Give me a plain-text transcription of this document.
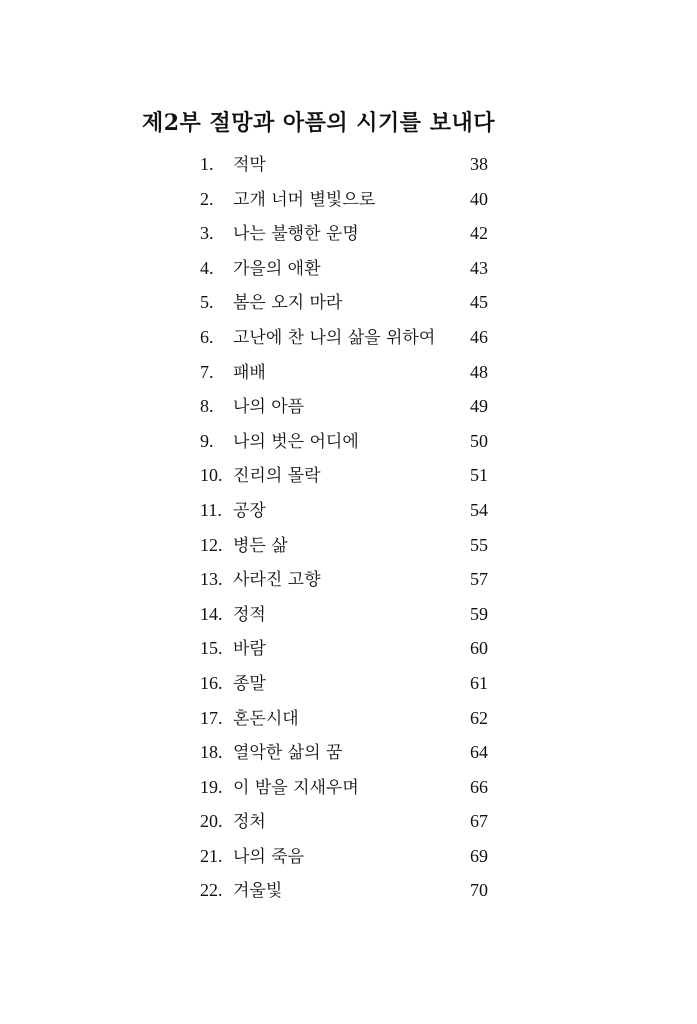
제2부 절망과 아픔의 시기를 보내다
1. 적막	38
2. 고개 너머 별빛으로	40
3. 나는 불행한 운명	42
4. 가을의 애환	43
5. 봄은 오지 마라	45
6. 고난에 찬 나의 삶을 위하여 46
7. 패배	48
8. 나의 아픔	49
9. 나의 벗은 어디에	50
10. 진리의 몰락	51
11. 공장	54
12. 병든 삶	55
13. 사라진 고향	57
14. 정적	59
15. 바람	60
16. 종말	61
17. 혼돈시대	62
18. 열악한 삶의 꿈	64
19. 이 밤을 지새우며	66
20. 정처	67
21. 나의 죽음	69
22. 겨울빛	70
